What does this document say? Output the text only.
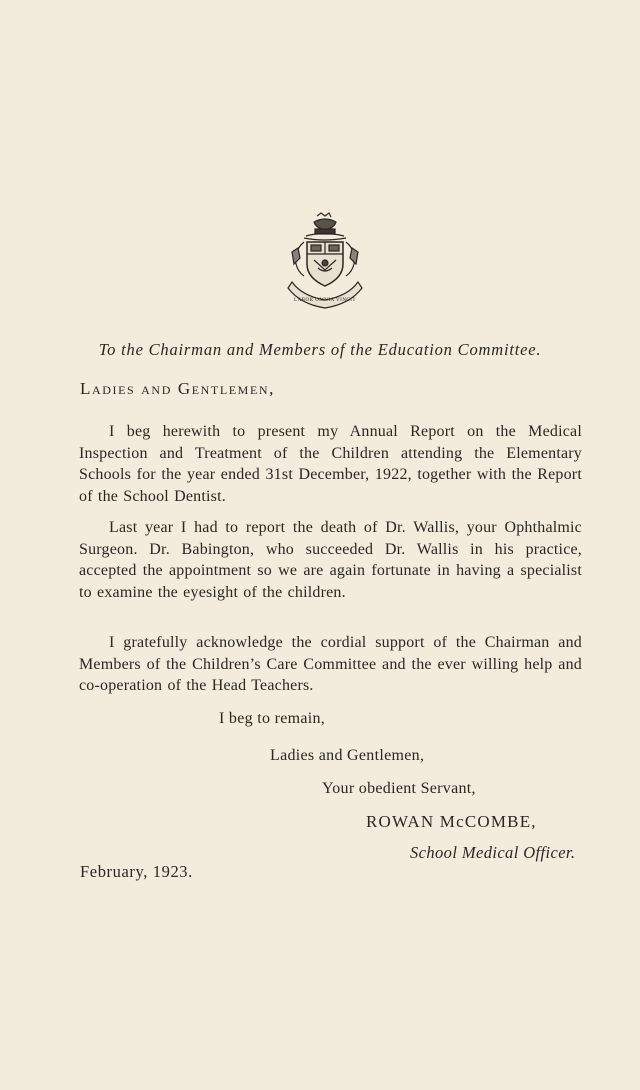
LABOR OMNIA VINCIT
To the Chairman and Members of the Education Committee.
Ladies and Gentlemen,

I beg herewith to present my Annual Report on the Medical Inspection and Treatment of the Children attending the Elementary Schools for the year ended 31st December, 1922, together with the Report of the School Dentist.

Last year I had to report the death of Dr. Wallis, your Ophthalmic Surgeon. Dr. Babington, who succeeded Dr. Wallis in his practice, accepted the appointment so we are again fortunate in having a specialist to examine the eyesight of the children.

I gratefully acknowledge the cordial support of the Chairman and Members of the Children’s Care Committee and the ever willing help and co-operation of the Head Teachers.

I beg to remain,
Ladies and Gentlemen,
Your obedient Servant,
ROWAN McCOMBE,
School Medical Officer.
February, 1923.
